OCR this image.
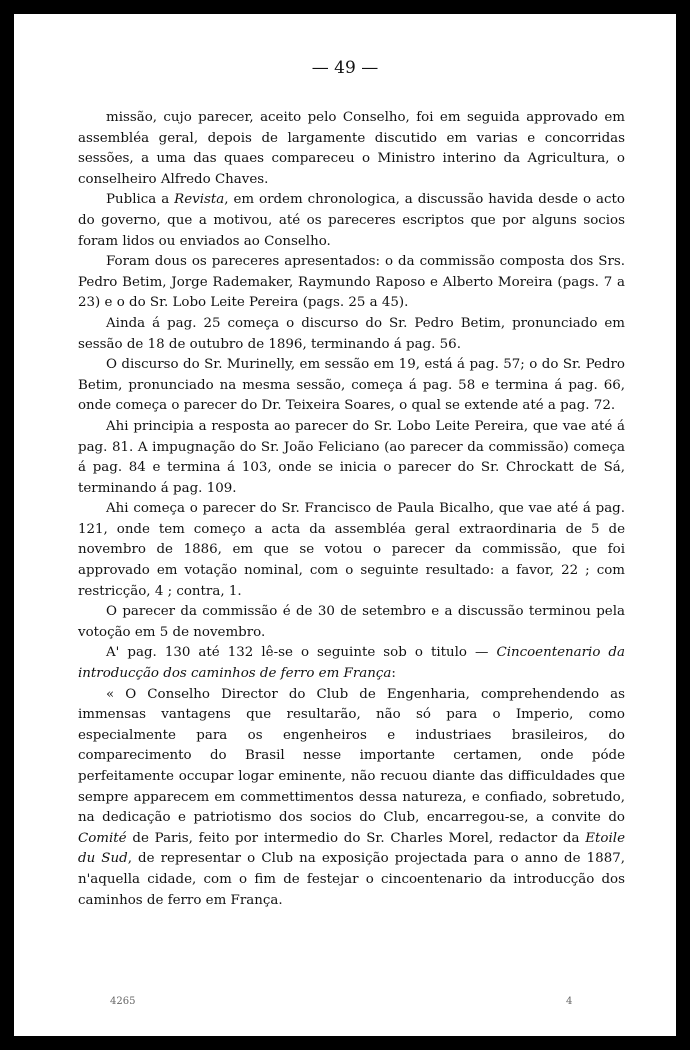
— 49 —

missão, cujo parecer, aceito pelo Conselho, foi em seguida approvado em assembléa geral, depois de largamente discutido em varias e concorridas sessões, a uma das quaes compareceu o Ministro interino da Agricultura, o conselheiro Alfredo Chaves.

Publica a Revista, em ordem chronologica, a discussão havida desde o acto do governo, que a motivou, até os pareceres escriptos que por alguns socios foram lidos ou enviados ao Conselho.

Foram dous os pareceres apresentados: o da commissão composta dos Srs. Pedro Betim, Jorge Rademaker, Raymundo Raposo e Alberto Moreira (pags. 7 a 23) e o do Sr. Lobo Leite Pereira (pags. 25 a 45).

Ainda á pag. 25 começa o discurso do Sr. Pedro Betim, pronunciado em sessão de 18 de outubro de 1896, terminando á pag. 56.

O discurso do Sr. Murinelly, em sessão em 19, está á pag. 57; o do Sr. Pedro Betim, pronunciado na mesma sessão, começa á pag. 58 e termina á pag. 66, onde começa o parecer do Dr. Teixeira Soares, o qual se extende até a pag. 72.

Ahi principia a resposta ao parecer do Sr. Lobo Leite Pereira, que vae até á pag. 81. A impugnação do Sr. João Feliciano (ao parecer da commissão) começa á pag. 84 e termina á 103, onde se inicia o parecer do Sr. Chrockatt de Sá, terminando á pag. 109.

Ahi começa o parecer do Sr. Francisco de Paula Bicalho, que vae até á pag. 121, onde tem começo a acta da assembléa geral extraordinaria de 5 de novembro de 1886, em que se votou o parecer da commissão, que foi approvado em votação nominal, com o seguinte resultado: a favor, 22 ; com restricção, 4 ; contra, 1.

O parecer da commissão é de 30 de setembro e a discussão terminou pela votoção em 5 de novembro.

A' pag. 130 até 132 lê-se o seguinte sob o titulo — Cincoentenario da introducção dos caminhos de ferro em França:

« O Conselho Director do Club de Engenharia, comprehendendo as immensas vantagens que resultarão, não só para o Imperio, como especialmente para os engenheiros e industriaes brasileiros, do comparecimento do Brasil nesse importante certamen, onde póde perfeitamente occupar logar eminente, não recuou diante das difficuldades que sempre apparecem em commettimentos dessa natureza, e confiado, sobretudo, na dedicação e patriotismo dos socios do Club, encarregou-se, a convite do Comité de Paris, feito por intermedio do Sr. Charles Morel, redactor da Etoile du Sud, de representar o Club na exposição projectada para o anno de 1887, n'aquella cidade, com o fim de festejar o cincoentenario da introducção dos caminhos de ferro em França.

4265	4
